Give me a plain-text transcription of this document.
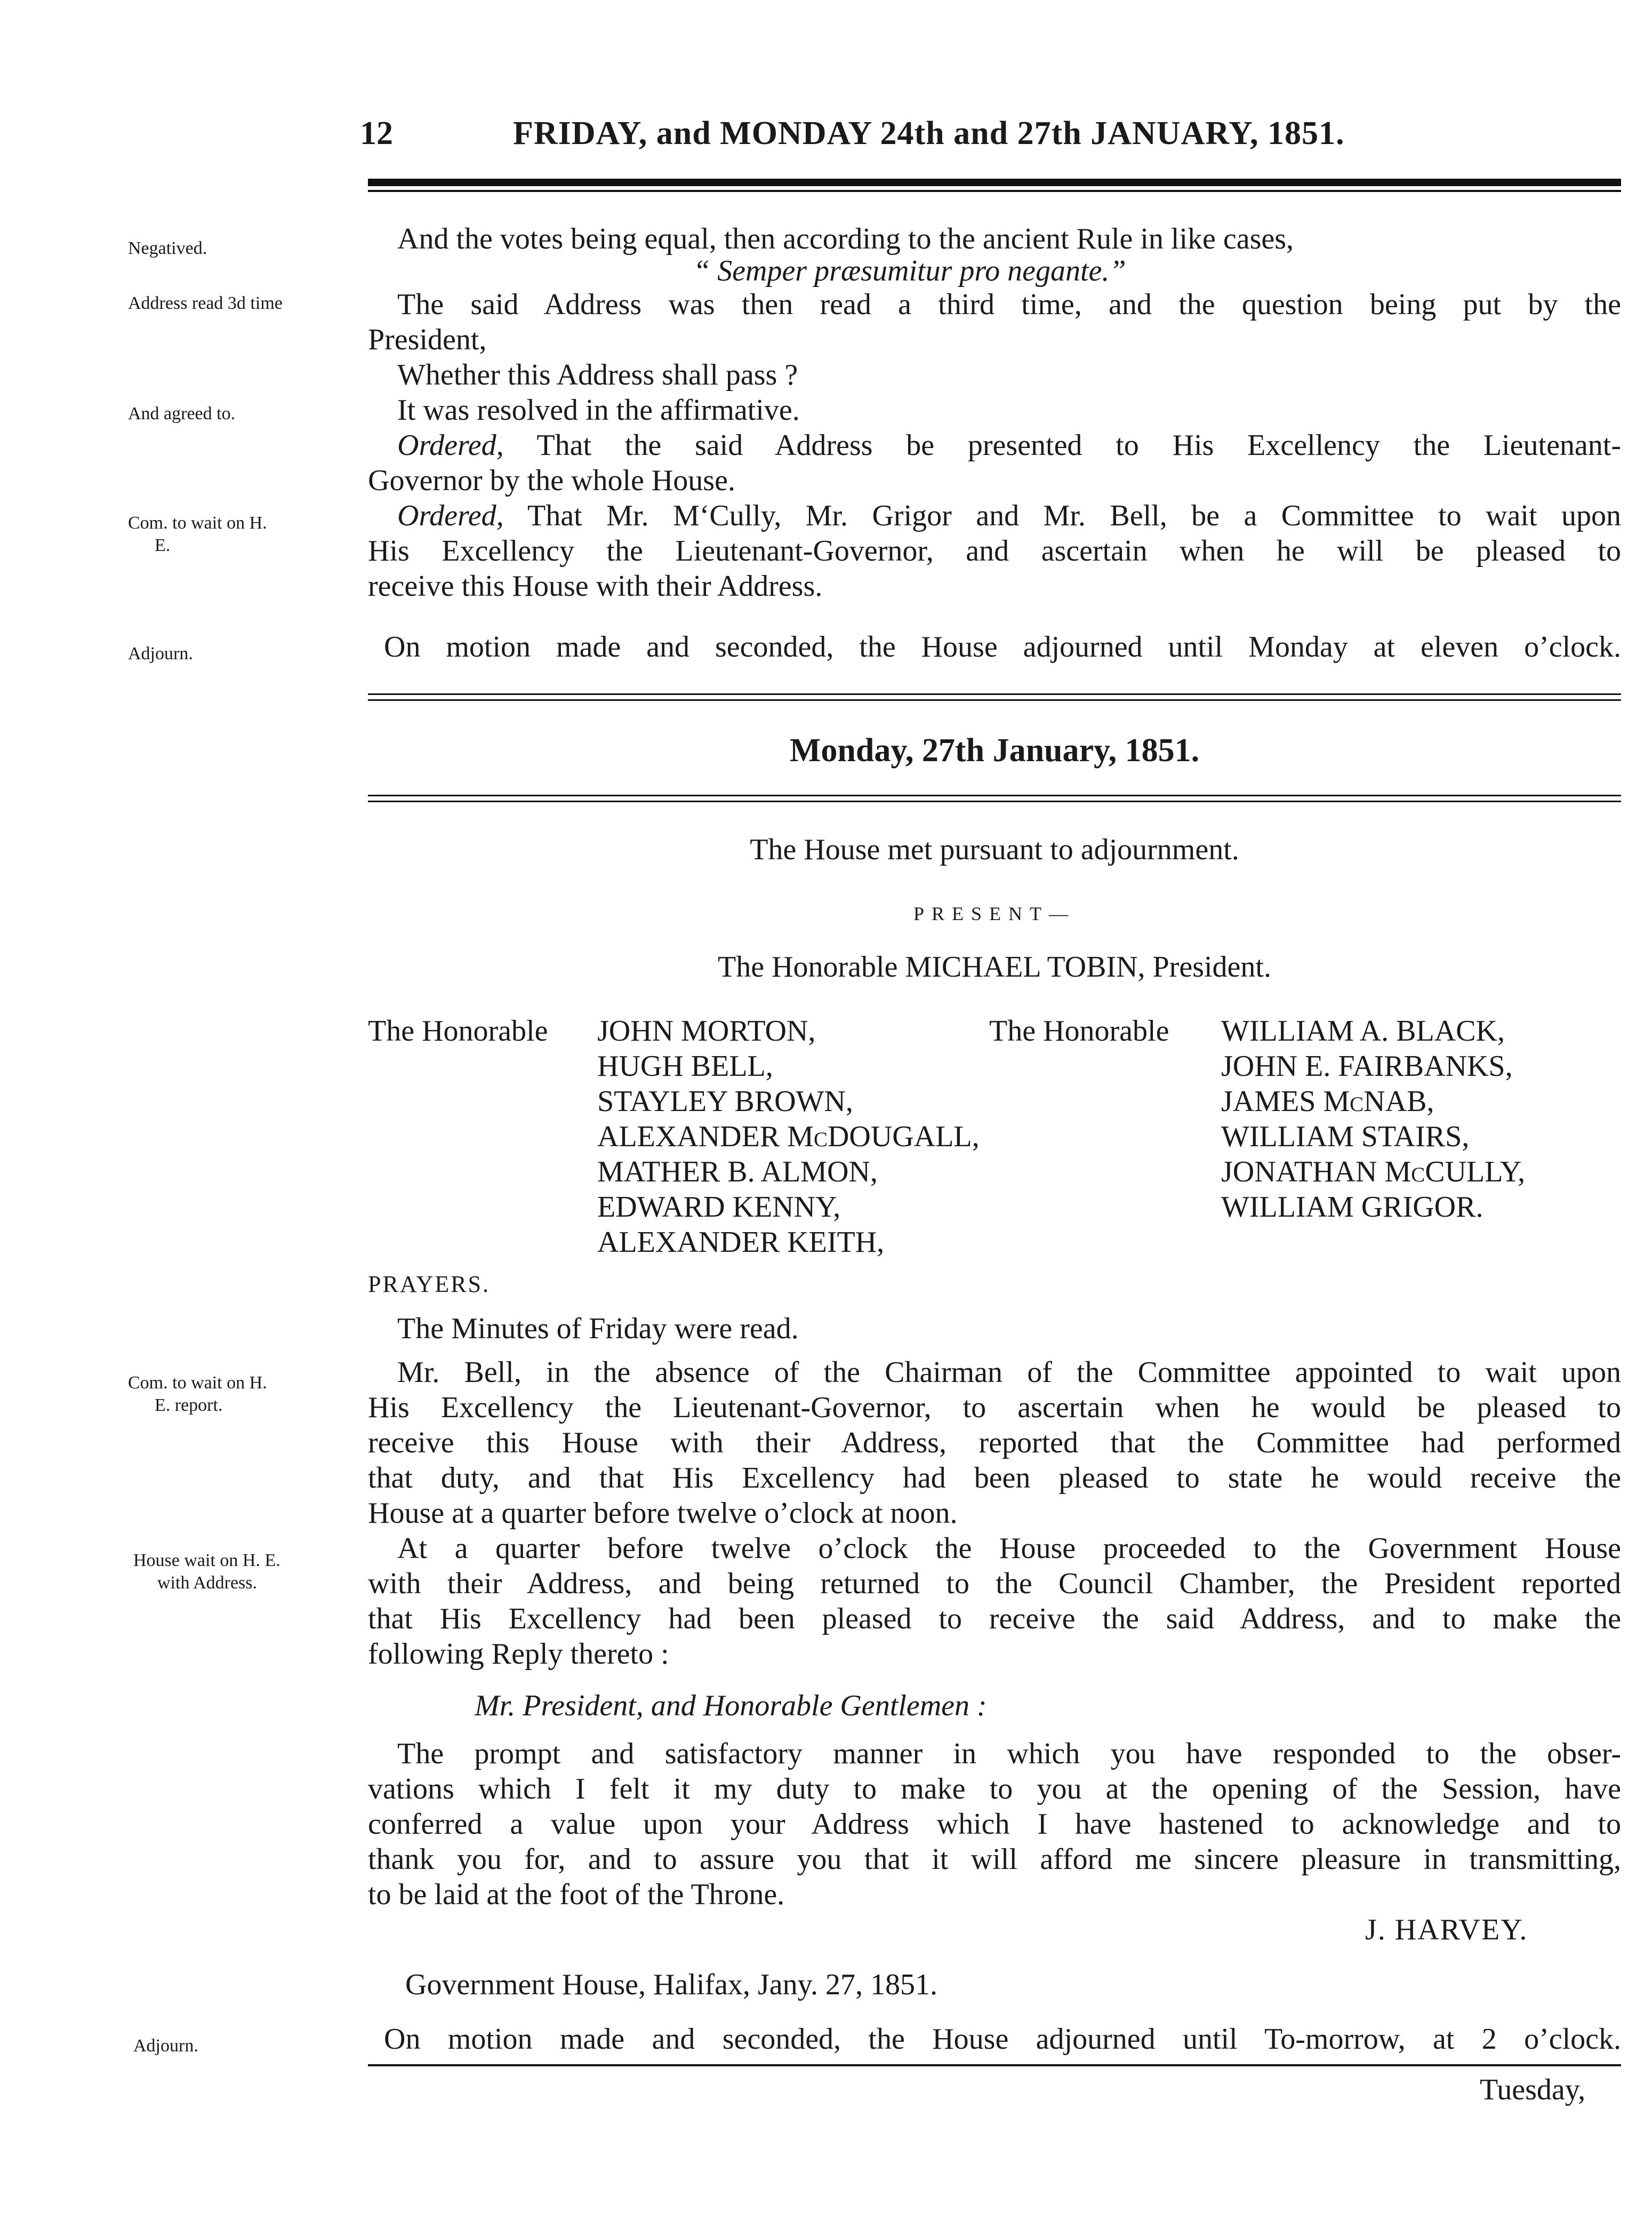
12	FRIDAY, and MONDAY 24th and 27th JANUARY, 1851.
Negatived.
Address read 3d time
And agreed to.
Com. to wait on H.
E.
Adjourn.
Com. to wait on H.
E. report.
House wait on H. E.
with Address.
Adjourn.
And the votes being equal, then according to the ancient Rule in like cases,
“ Semper præsumitur pro negante.”
The said Address was then read a third time, and the question being put by the
President,
Whether this Address shall pass ?
It was resolved in the affirmative.
Ordered, That the said Address be presented to His Excellency the Lieutenant-
Governor by the whole House.
Ordered, That Mr. M‘Cully, Mr. Grigor and Mr. Bell, be a Committee to wait upon
His Excellency the Lieutenant-Governor, and ascertain when he will be pleased to
receive this House with their Address.
On motion made and seconded, the House adjourned until Monday at eleven o’clock.
Monday, 27th January, 1851.
The House met pursuant to adjournment.
PRESENT—
The Honorable MICHAEL TOBIN, President.
The Honorable JOHN MORTON,
HUGH BELL,
STAYLEY BROWN,
ALEXANDER McDOUGALL,
MATHER B. ALMON,
EDWARD KENNY,
ALEXANDER KEITH,
The Honorable WILLIAM A. BLACK,
JOHN E. FAIRBANKS,
JAMES McNAB,
WILLIAM STAIRS,
JONATHAN McCULLY,
WILLIAM GRIGOR.
PRAYERS.
The Minutes of Friday were read.
Mr. Bell, in the absence of the Chairman of the Committee appointed to wait upon
His Excellency the Lieutenant-Governor, to ascertain when he would be pleased to
receive this House with their Address, reported that the Committee had performed
that duty, and that His Excellency had been pleased to state he would receive the
House at a quarter before twelve o’clock at noon.
At a quarter before twelve o’clock the House proceeded to the Government House
with their Address, and being returned to the Council Chamber, the President reported
that His Excellency had been pleased to receive the said Address, and to make the
following Reply thereto :
Mr. President, and Honorable Gentlemen :
The prompt and satisfactory manner in which you have responded to the obser-
vations which I felt it my duty to make to you at the opening of the Session, have
conferred a value upon your Address which I have hastened to acknowledge and to
thank you for, and to assure you that it will afford me sincere pleasure in transmitting,
to be laid at the foot of the Throne.
J. HARVEY.
Government House, Halifax, Jany. 27, 1851.
On motion made and seconded, the House adjourned until To-morrow, at 2 o’clock.
Tuesday,
